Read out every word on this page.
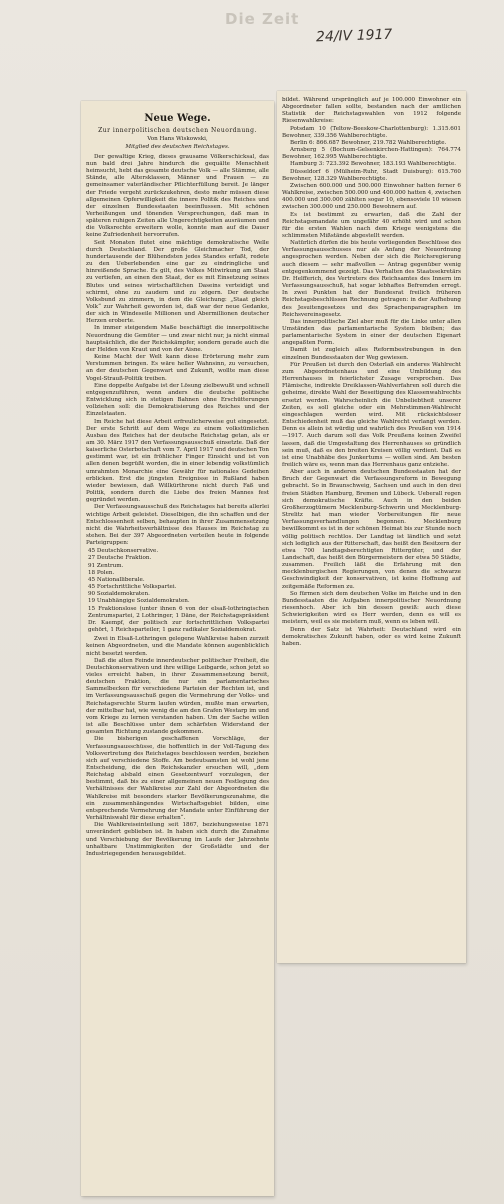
Die Zeit
24/IV 1917
Neue Wege.
Zur innerpolitischen deutschen Neuordnung.
Von Hans Wiskowski,
Mitglied des deutschen Reichstages.

Der gewaltige Krieg, dieses grausame Völkerschicksal, das nun bald drei Jahre hindurch die gequälte Menschheit heimsucht, hebt das gesamte deutsche Volk — alle Stämme, alle Stände, alle Altersklassen, Männer und Frauen — zu gemeinsamer vaterländischer Pflichterfüllung bereit. Je länger der Friede vergeht zurückzukehren, desto mehr müssen diese allgemeinen Opferwilligkeit die innere Politik des Reiches und der einzelnen Bundesstaaten beeinflussen. Mit schönen Verheißungen und tönenden Versprechungen, daß man in späteren ruhigen Zeiten alle Ungerechtigkeiten ausräumen und die Volksrechte erweitern wolle, konnte man auf die Dauer keine Zufriedenheit hervorrufen.

Seit Monaten flutet eine mächtige demokratische Welle durch Deutschland. Der große Gleichmacher Tod, der hundertausende der Blühendsten jedes Standes erfaßt, redete zu den Ueberlebenden eine gar zu eindringliche und hinreißende Sprache. Es gilt, des Volkes Mitwirkung am Staat zu vertiefen, an einen den Staat, der es mit Einsetzung seines Blutes und seines wirtschaftlichen Daseins verteidigt und schirmt, ohne zu zaudern und zu zögern. Der deutsche Volksbund zu zimmern, in dem die Gleichung: „Staat gleich Volk“ zur Wahrheit geworden ist, daß war der neue Gedanke, der sich in Windeseile Millionen und Abermillionen deutscher Herzen eroberte.

In immer steigendem Maße beschäftigt die innerpolitische Neuordnung die Gemüter — und zwar nicht nur, ja nicht einmal hauptsächlich, die der Reichskämpfer, sondern gerade auch die der Helden von Kraut und von der Aisne.

Keine Macht der Welt kann diese Erörterung mehr zum Verstummen bringen. Es wäre heller Wahnsinn, zu versuchen, an der deutschen Gegenwart und Zukunft, wollte man diese Vogel-Strauß-Politik treiben.

Eine doppelte Aufgabe ist der Lösung zielbewußt und schnell entgegenzuführen, wenn anders die deutsche politische Entwicklung sich in stetigen Bahnen ohne Erschütterungen vollziehen soll: die Demokratisierung des Reiches und der Einzelstaaten.

Im Reiche hat diese Arbeit erfreulicherweise gut eingesetzt. Der erste Schritt auf dem Wege zu einem volkstümlichen Ausbau des Reiches hat der deutsche Reichstag getan, als er am 30. März 1917 den Verfassungsausschuß einsetzte. Daß der kaiserliche Osterbotschaft vom 7. April 1917 und deutschen Ton gestimmt war, ist ein fröhlicher Finger Einsicht und ist von allen denen begrüßt worden, die in einer lebendig volkstümlich umrahmten Monarchie eine Gewähr für nationales Gedeihen erblicken. Erst die jüngsten Ereignisse in Rußland haben wieder bewiesen, daß Willkürthrone nicht durch Faß und Politik, sondern durch die Liebe des freien Mannes fest gegründet werden.

Der Verfassungsausschuß des Reichstages hat bereits allerlei wichtige Arbeit geleistet. Dieselbigen, die ihn schaffen und der Entschlossenheit selben, behaupten in ihrer Zusammensetzung nicht die Wahrheitsverhältnisse des Hauses im Reichstag zu stehen. Bei der 397 Abgeordneten verteilen heute in folgende Parteigruppen:

45 Deutschkonservative.
27 Deutsche Fraktion.
91 Zentrum.
18 Polen.
45 Nationalliberale.
45 Fortschrittliche Volkspartei.
90 Sozialdemokraten.
19 Unabhängige Sozialdemokraten.
15 Fraktionslose (unter ihnen 6 von der elsaß-lothringischen Zentrumspartei, 2 Lothringer, 1 Däne, der Reichstagspräsident Dr. Kaempf, der politisch zur fortschrittlichen Volkspartei gehört, 1 Reichsparteiler, 1 ganz radikaler Sozialdemokrat.

Zwei in Elsaß-Lothringen gelegene Wahlkreise haben zurzeit keinen Abgeordneten, und die Mandate können augenblicklich nicht besetzt werden.

Daß die alten Feinde innerdeutscher politischer Freiheit, die Deutschkonservativen und ihre willige Leibgarde, schon jetzt so vieles erreicht haben, in ihrer Zusammensetzung bereit, deutschen Fraktion, die nur ein parlamentarisches Sammelbecken für verschiedene Parteien der Rechten ist, und im Verfassungsausschuß gegen die Vermehrung der Volks- und Reichstagsrechte Sturm laufen würden, mußte man erwarten, der mittelbar hat, wie wenig die am den Grafen Westarp im und vom Kriege zu lernen verstanden haben. Um der Sache willen ist alle Beschlüsse unter dem schärfsten Widerstand der gesamten Richtung zustande gekommen.

Die bisherigen geschaffenen Vorschläge, der Verfassungsausschüsse, die hoffentlich in der Voll-Tagung des Volksvertretung des Reichstages beschlossen werden, beziehen sich auf verschiedene Stoffe. Am bedeutsamsten ist wohl jene Entscheidung, die den Reichskanzler ersuchen will, „dem Reichstag alsbald einen Gesetzentwurf vorzulegen, der bestimmt, daß bis zu einer allgemeinen neuen Festlegung des Verhältnisses der Wahlkreise zur Zahl der Abgeordneten die Wahlkreise mit besonders starker Bevölkerungszunahme, die ein zusammenhängendes Wirtschaftsgebiet bilden, eine entsprechende Vermehrung der Mandate unter Einführung der Verhältniswahl für diese erhalten“.

Die Wahlkreiseinteilung seit 1867, beziehungsweise 1871 unverändert geblieben ist. In haben sich durch die Zunahme und Verschiebung der Bevölkerung im Laufe der Jahrzehnte unhaltbare Unstimmigkeiten der Großstädte und der Industriegegenden herausgebildet.

bildet. Während ursprünglich auf je 100.000 Einwohner ein Abgeordneter fallen sollte, bestanden nach der amtlichen Statistik der Reichstagswahlen von 1912 folgende Riesenwahlkreise:

Potsdam 10 (Teltow-Beeskow-Charlottenburg): 1.315.601 Bewohner, 339.356 Wahlberechtigte.

Berlin 6: 866.687 Bewohner, 219.782 Wahlberechtigte.

Arnsberg 5 (Bochum-Gelsenkirchen-Hattingen): 764.774 Bewohner, 162.995 Wahlberechtigte.

Hamburg 3: 723.392 Bewohner, 183.193 Wahlberechtigte.

Düsseldorf 6 (Mülheim-Ruhr, Stadt Duisburg): 615.760 Bewohner, 128.329 Wahlberechtigte.

Zwischen 600.000 und 500.000 Einwohner hatten ferner 6 Wahlkreise, zwischen 500.000 und 400.000 hatten 4, zwischen 400.000 und 300.000 zählten sogar 10, ebensoviele 10 wiesen zwischen 300.000 und 250.000 Bewohnern auf.

Es ist bestimmt zu erwarten, daß die Zahl der Reichstagsmandate um ungefähr 40 erhöht wird und schon für die ersten Wahlen nach dem Kriege wenigstens die schlimmsten Mißstände abgestellt werden.

Natürlich dürfen die bis heute vorliegenden Beschlüsse des Verfassungsausschusses nur als Anfang der Neuordnung angesprochen werden. Neben der sich die Reichsregierung auch diesem — sehr maßvollen — Antrag gegenüber wenig entgegenkommend gezeigt. Das Verhalten des Staatssekretärs Dr. Helfferich, des Vertreters des Reichsamtes des Innern im Verfassungsausschuß, hat sogar lebhaftes Befremden erregt. In zwei Punkten hat der Bundesrat freilich früheren Reichstagsbeschlüssen Rechnung getragen: in der Aufhebung des Jesuitengesetzes und des Sprachenparagraphen im Reichsvereinsgesetz.

Das innerpolitische Ziel aber muß für die Linke unter allen Umständen das parlamentarische System bleiben; das parlamentarische System in einer der deutschen Eigenart angepaßten Form.

Damit ist zugleich alles Reformbestrebungen in den einzelnen Bundesstaaten der Weg gewiesen.

Für Preußen ist durch den Osterlaß ein anderes Wahlrecht zum Abgeordnetenhaus und eine Umbildung des Herrenhauses in feierlichster Zusage versprochen. Das Flämische, indirekte Dreiklassen-Wahlverfahren soll durch die geheime, direkte Wahl der Beseitigung des Klassenwahlrechts ersetzt werden. Wahrscheinlich die Unbeliebtheit unserer Zeiten, es soll gleiche oder ein Mehrstimmen-Wahlrecht eingeschlagen werden wird. Mit rücksichtsloser Entschiedenheit muß das gleiche Wahlrecht verlangt werden. Denn es allein ist würdig und wahrlich des Preußen von 1914—1917. Auch darum soll das Volk Preußens keinen Zweifel lassen, daß die Umgestaltung des Herrenhauses so gründlich sein muß, daß es den breiten Kreisen völlig verdient. Daß es ist eine Unabhäbe des Junkertums — wollen sind. Am besten freilich wäre es, wenn man das Herrenhaus ganz entziehe.

Aber auch in anderen deutschen Bundesstaaten hat der Bruch der Gegenwart die Verfassungsreform in Bewegung gebracht. So in Braunschweig, Sachsen und auch in den drei freien Städten Hamburg, Bremen und Lübeck. Ueberall regen sich demokratische Kräfte. Auch in den beiden Großherzogtümern Mecklenburg-Schwerin und Mecklenburg-Strelitz hat man wieder Vorbereitungen für neue Verfassungsverhandlungen begonnen. Mecklenburg bewillkommt es ist in der schönen Heimat bis zur Stunde noch völlig politisch rechtlos. Der Landtag ist ländlich und setzt sich lediglich aus der Ritterschaft, das heißt den Besitzern der etwa 700 landtagsberechtigten Rittergüter, und der Landschaft, das heißt den Bürgermeistern der etwa 50 Städte, zusammen. Freilich läßt die Erfahrung mit den mecklenburgischen Regierungen, von denen die schwarze Geschwindigkeit der konservativen, ist keine Hoffnung auf zeitgemäße Reformen zu.

So fürmen sich dem deutschen Volke im Reiche und in den Bundesstaaten die Aufgaben innerpolitischer Neuordnung riesenhoch. Aber ich bin dessen gewiß: auch diese Schwierigkeiten wird es Herr werden, denn es will es meistern, weil es sie meistern muß, wenn es leben will.

Denn der Satz ist Wahrheit: Deutschland wird ein demokratisches Zukunft haben, oder es wird keine Zukunft haben.
